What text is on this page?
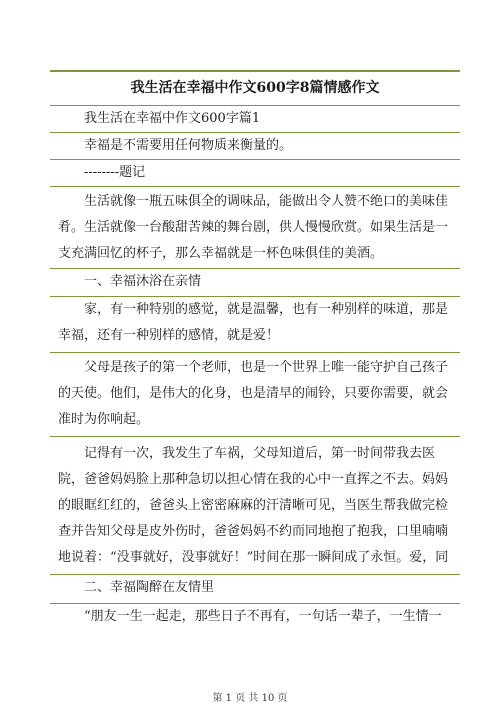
我生活在幸福中作文600字8篇情感作文
我生活在幸福中作文600字篇1
幸福是不需要用任何物质来衡量的。
--------题记
生活就像一瓶五味俱全的调味品，能做出令人赞不绝口的美味佳肴。生活就像一台酸甜苦辣的舞台剧，供人慢慢欣赏。如果生活是一支充满回忆的杯子，那么幸福就是一杯色味俱佳的美酒。
一、幸福沐浴在亲情
家，有一种特别的感觉，就是温馨，也有一种别样的味道，那是幸福，还有一种别样的感情，就是爱！
父母是孩子的第一个老师，也是一个世界上唯一能守护自己孩子的天使。他们，是伟大的化身，也是清早的闹铃，只要你需要，就会准时为你响起。
记得有一次，我发生了车祸，父母知道后，第一时间带我去医院，爸爸妈妈脸上那种急切以担心情在我的心中一直挥之不去。妈妈的眼眶红红的，爸爸头上密密麻麻的汗清晰可见，当医生帮我做完检查并告知父母是皮外伤时，爸爸妈妈不约而同地抱了抱我，口里喃喃地说着：“没事就好，没事就好！”时间在那一瞬间成了永恒。爱，同
二、幸福陶醉在友情里
“朋友一生一起走，那些日子不再有，一句话一辈子，一生情一
第 1 页 共 10 页
